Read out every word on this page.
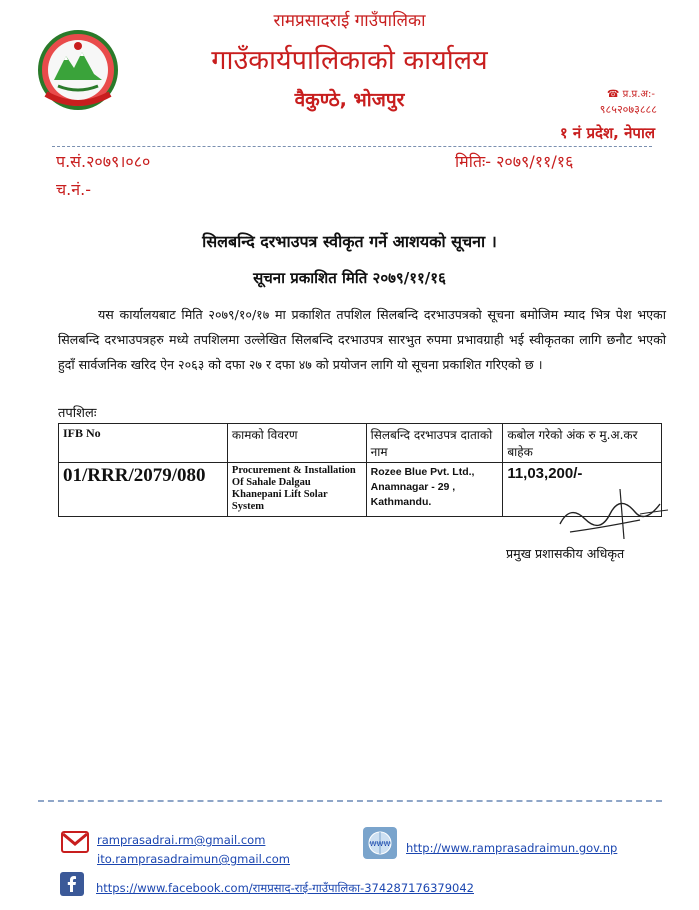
रामप्रसादराई गाउँपालिका
गाउँकार्यपालिकाको कार्यालय
वैकुण्ठे, भोजपुर	☎ प्र.प्र.अ:-
९८५२०७३८८८
१ नं प्रदेश, नेपाल
प.सं.२०७९।०८०
च.नं.-
मितिः- २०७९/११/१६
सिलबन्दि दरभाउपत्र स्वीकृत गर्ने आशयको सूचना ।
सूचना प्रकाशित मिति २०७९/११/१६
यस कार्यालयबाट मिति २०७९/१०/१७ मा प्रकाशित तपशिल सिलबन्दि दरभाउपत्रको सूचना बमोजिम म्याद भित्र पेश भएका सिलबन्दि दरभाउपत्रहरु मध्ये तपशिलमा उल्लेखित सिलबन्दि दरभाउपत्र सारभुत रुपमा प्रभावग्राही भई स्वीकृतका लागि छनौट भएको हुदाँ सार्वजनिक खरिद ऐन २०६३ को दफा २७ र दफा ४७ को प्रयोजन लागि यो सूचना प्रकाशित गरिएको छ ।
तपशिलः
IFB No	कामको विवरण	सिलबन्दि दरभाउपत्र दाताको नाम	कबोल गरेको अंक रु मु.अ.कर बाहेक
01/RRR/2079/080	Procurement & Installation Of Sahale Dalgau Khanepani Lift Solar System	Rozee Blue Pvt. Ltd.,
Anamnagar - 29 ,
Kathmandu.	11,03,200/-
प्रमुख प्रशासकीय अधिकृत
ramprasadrai.rm@gmail.com
ito.ramprasadraimun@gmail.com
WWW http://www.ramprasadraimun.gov.np
https://www.facebook.com/रामप्रसाद-राई-गाउँपालिका-374287176379042
